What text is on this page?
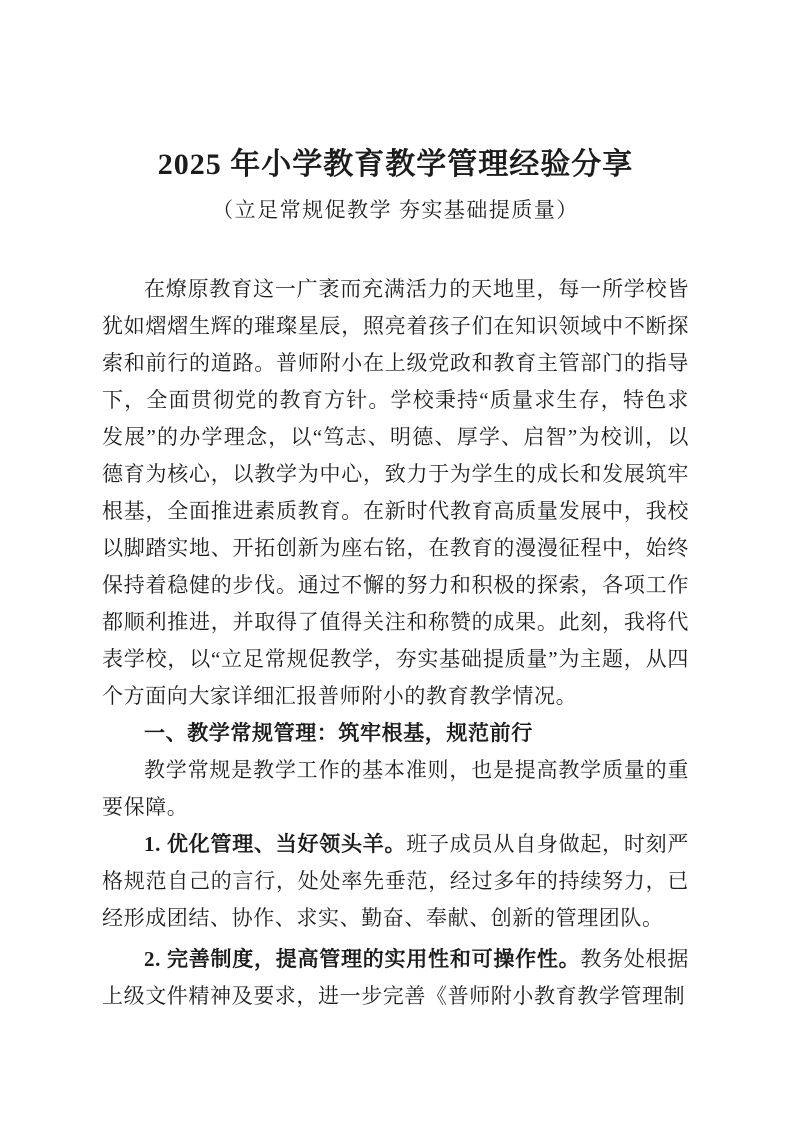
2025 年小学教育教学管理经验分享
（立足常规促教学 夯实基础提质量）

在燎原教育这一广袤而充满活力的天地里，每一所学校皆犹如熠熠生辉的璀璨星辰，照亮着孩子们在知识领域中不断探索和前行的道路。普师附小在上级党政和教育主管部门的指导下，全面贯彻党的教育方针。学校秉持“质量求生存，特色求发展”的办学理念，以“笃志、明德、厚学、启智”为校训，以德育为核心，以教学为中心，致力于为学生的成长和发展筑牢根基，全面推进素质教育。在新时代教育高质量发展中，我校以脚踏实地、开拓创新为座右铭，在教育的漫漫征程中，始终保持着稳健的步伐。通过不懈的努力和积极的探索，各项工作都顺利推进，并取得了值得关注和称赞的成果。此刻，我将代表学校，以“立足常规促教学，夯实基础提质量”为主题，从四个方面向大家详细汇报普师附小的教育教学情况。

一、教学常规管理：筑牢根基，规范前行

教学常规是教学工作的基本准则，也是提高教学质量的重要保障。

1. 优化管理、当好领头羊。班子成员从自身做起，时刻严格规范自己的言行，处处率先垂范，经过多年的持续努力，已经形成团结、协作、求实、勤奋、奉献、创新的管理团队。

2. 完善制度，提高管理的实用性和可操作性。教务处根据上级文件精神及要求，进一步完善《普师附小教育教学管理制
